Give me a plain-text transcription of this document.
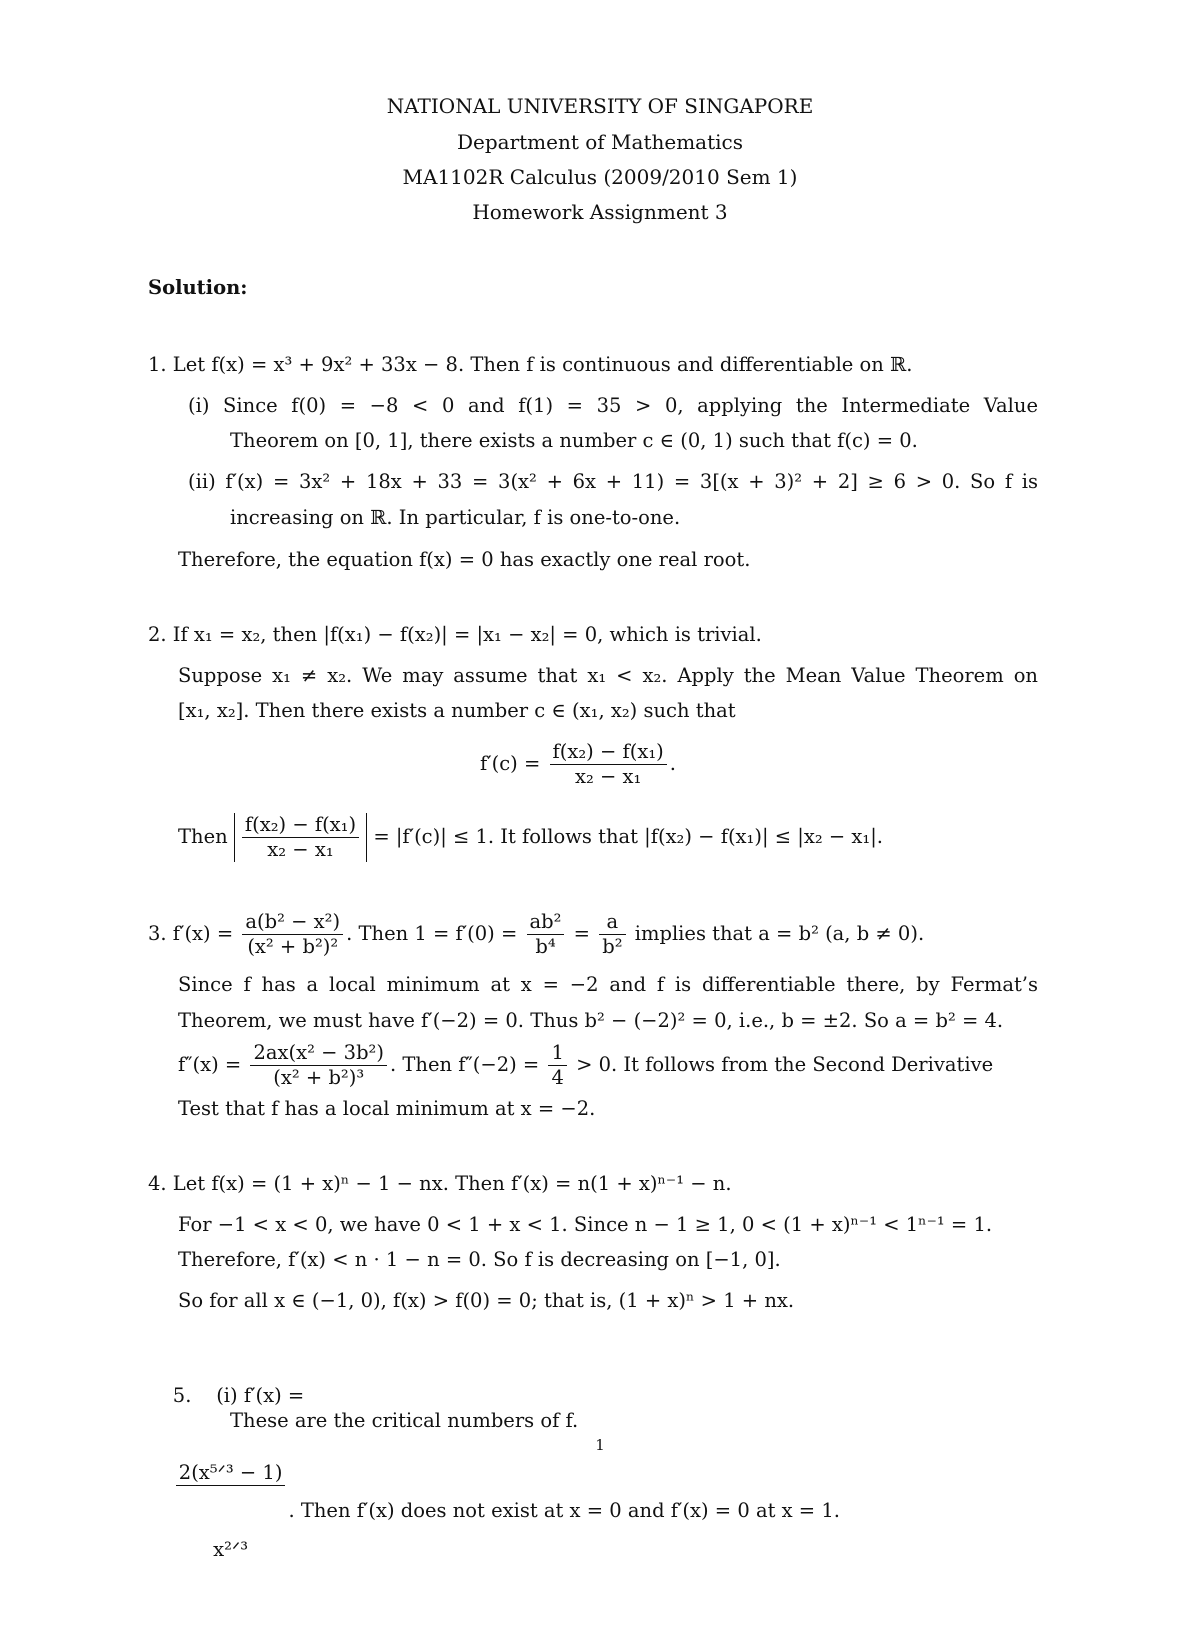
NATIONAL UNIVERSITY OF SINGAPORE
Department of Mathematics
MA1102R Calculus (2009/2010 Sem 1)
Homework Assignment 3
Solution:
1. Let f(x) = x³ + 9x² + 33x − 8. Then f is continuous and differentiable on ℝ.
(i) Since f(0) = −8 < 0 and f(1) = 35 > 0, applying the Intermediate Value
Theorem on [0, 1], there exists a number c ∈ (0, 1) such that f(c) = 0.
(ii) f′(x) = 3x² + 18x + 33 = 3(x² + 6x + 11) = 3[(x + 3)² + 2] ≥ 6 > 0. So f is
increasing on ℝ. In particular, f is one-to-one.
Therefore, the equation f(x) = 0 has exactly one real root.
2. If x₁ = x₂, then |f(x₁) − f(x₂)| = |x₁ − x₂| = 0, which is trivial.
Suppose x₁ ≠ x₂. We may assume that x₁ < x₂. Apply the Mean Value Theorem on
[x₁, x₂]. Then there exists a number c ∈ (x₁, x₂) such that
$f'(c) = \frac{\text{f(x₂) − f(x₁)}}{\text{x₂ − x₁}}$ .
Then $\frac{\text{f(x₂) − f(x₁)}}{\text{x₂ − x₁}} = |f'(c)| \le 1$. It follows that |f(x₂) − f(x₁)| ≤ |x₂ − x₁|.
3. $f'(x) = \frac{\text{a(b² − x²)}}{\text{(x² + b²)²}}$ . Then $1 = f'(0) = \frac{\text{ab²}}{\text{b⁴}} = \frac{a}{\text{b²}}$ implies that a = b² (a, b ≠ 0).
Since f has a local minimum at x = −2 and f is differentiable there, by Fermat’s
Theorem, we must have f′(−2) = 0. Thus b² − (−2)² = 0, i.e., b = ±2. So a = b² = 4.
$f''(x) = \frac{\text{2ax(x² − 3b²)}}{\text{(x² + b²)³}}$ . Then $f''(-2) = \frac{1}{4} > 0$. It follows from the Second Derivative
Test that f has a local minimum at x = −2.
4. Let f(x) = (1 + x)ⁿ − 1 − nx. Then f′(x) = n(1 + x)ⁿ⁻¹ − n.
For −1 < x < 0, we have 0 < 1 + x < 1. Since n − 1 ≥ 1, 0 < (1 + x)ⁿ⁻¹ < 1ⁿ⁻¹ = 1.
Therefore, f′(x) < n · 1 − n = 0. So f is decreasing on [−1, 0].
So for all x ∈ (−1, 0), f(x) > f(0) = 0; that is, (1 + x)ⁿ > 1 + nx.

5.    (i) f′(x) =

$\frac{\text{2(x⁵ᐟ³ − 1)}}{\text{x²ᐟ³}}$ . Then f′(x) does not exist at x = 0 and f′(x) = 0 at x = 1.

These are the critical numbers of f.
1
